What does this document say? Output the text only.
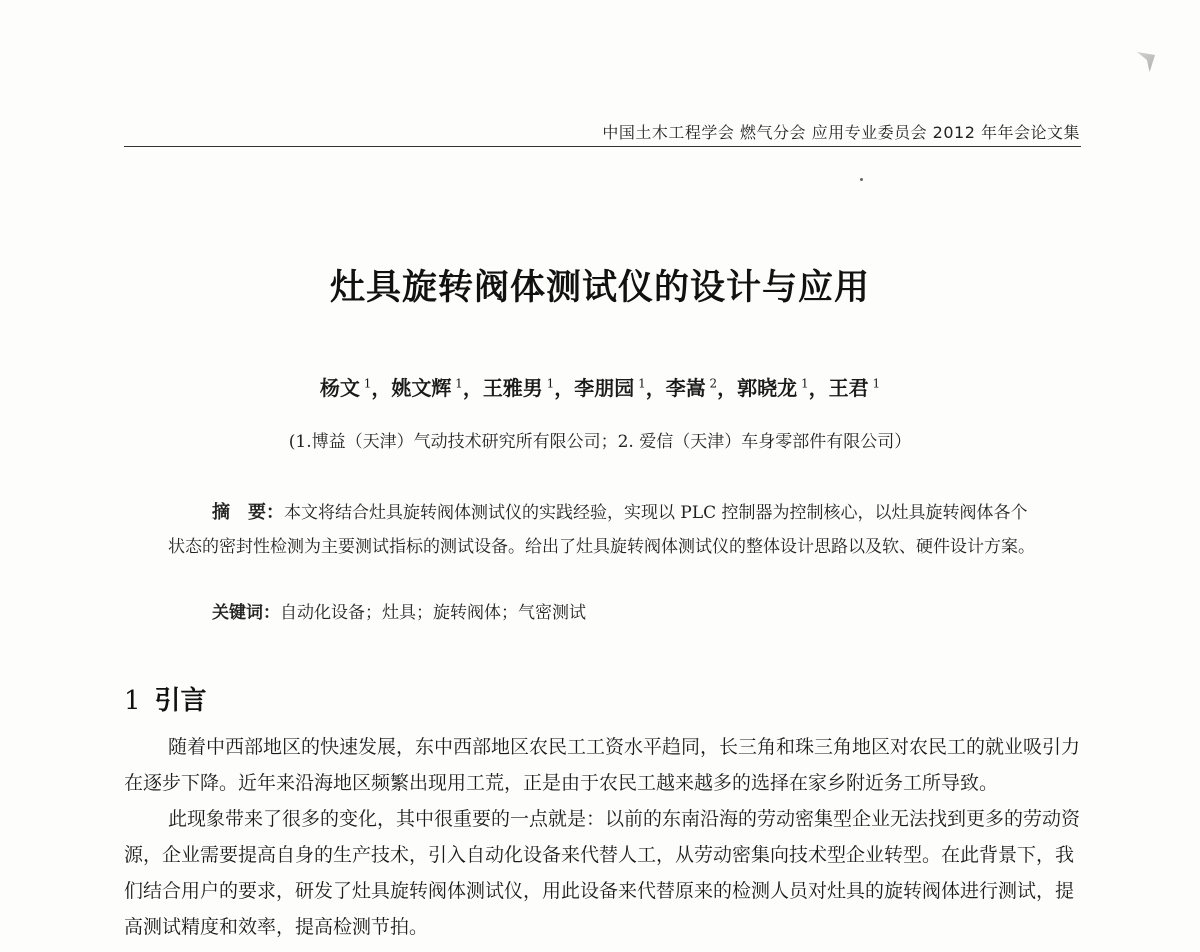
中国土木工程学会 燃气分会 应用专业委员会 2012 年年会论文集
灶具旋转阀体测试仪的设计与应用
杨文 $^1$，姚文辉 $^1$，王雅男 $^1$，李朋园 $^1$，李嵩 $^2$，郭晓龙 $^1$，王君 $^1$
(1.博益（天津）气动技术研究所有限公司；2. 爱信（天津）车身零部件有限公司）
摘　要：本文将结合灶具旋转阀体测试仪的实践经验，实现以 PLC 控制器为控制核心，以灶具旋转阀体各个状态的密封性检测为主要测试指标的测试设备。给出了灶具旋转阀体测试仪的整体设计思路以及软、硬件设计方案。
关键词：自动化设备；灶具；旋转阀体；气密测试
1 引言

随着中西部地区的快速发展，东中西部地区农民工工资水平趋同，长三角和珠三角地区对农民工的就业吸引力在逐步下降。近年来沿海地区频繁出现用工荒，正是由于农民工越来越多的选择在家乡附近务工所导致。

此现象带来了很多的变化，其中很重要的一点就是：以前的东南沿海的劳动密集型企业无法找到更多的劳动资源，企业需要提高自身的生产技术，引入自动化设备来代替人工，从劳动密集向技术型企业转型。在此背景下，我们结合用户的要求，研发了灶具旋转阀体测试仪，用此设备来代替原来的检测人员对灶具的旋转阀体进行测试，提高测试精度和效率，提高检测节拍。
